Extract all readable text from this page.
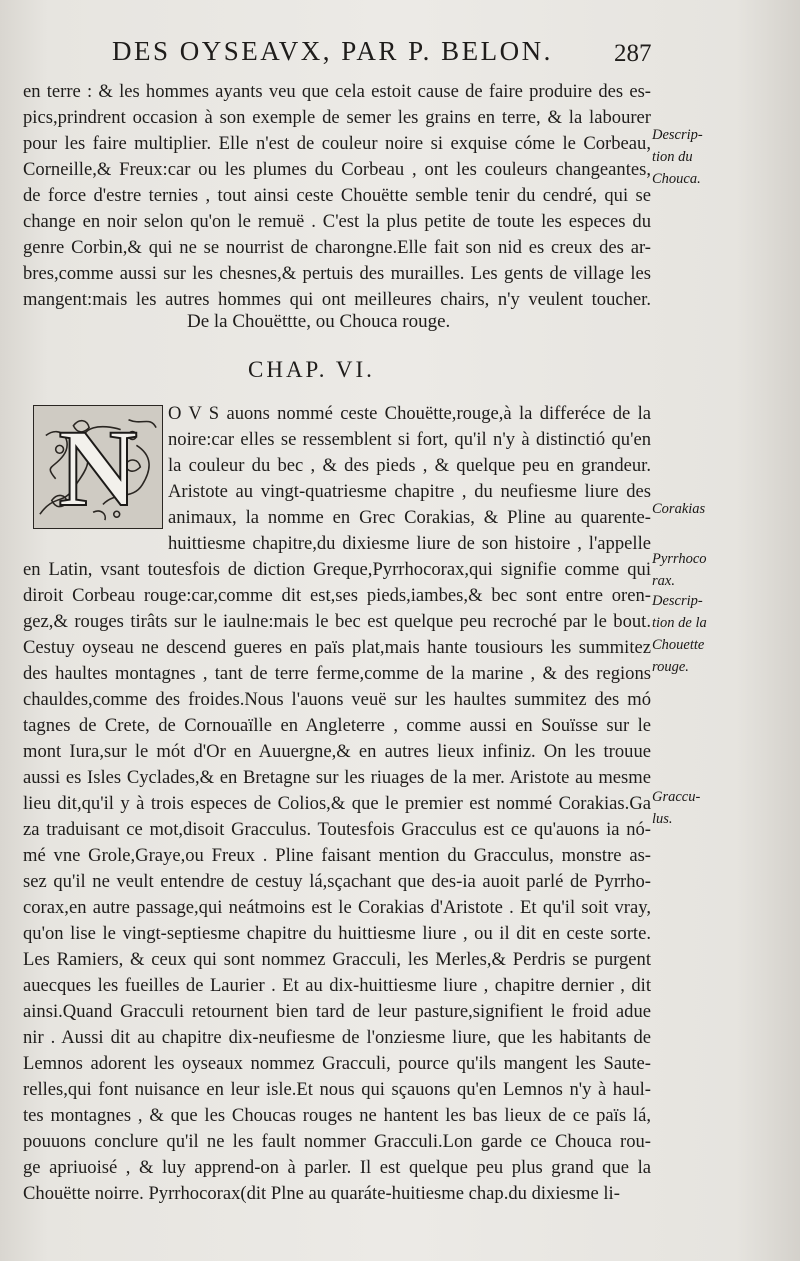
DES OYSEAVX, PAR P. BELON.	287
en terre : & les hommes ayants veu que cela estoit cause de faire produire des es-
pics,prindrent occasion à son exemple de semer les grains en terre, & la labourer
pour les faire multiplier. Elle n'est de couleur noire si exquise cóme le Corbeau,
Corneille,& Freux:car ou les plumes du Corbeau , ont les couleurs changeantes,
de force d'estre ternies , tout ainsi ceste Chouëtte semble tenir du cendré, qui se
change en noir selon qu'on le remuë . C'est la plus petite de toute les especes du
genre Corbin,& qui ne se nourrist de charongne.Elle fait son nid es creux des ar-
bres,comme aussi sur les chesnes,& pertuis des murailles. Les gents de village les
mangent:mais les autres hommes qui ont meilleures chairs, n'y veulent toucher.
De la Chouëttte, ou Chouca rouge.
CHAP. VI.
N	O V S auons nommé ceste Chouëtte,rouge,à la differéce de la
noire:car elles se ressemblent si fort, qu'il n'y à distinctió qu'en
la couleur du bec , & des pieds , & quelque peu en grandeur.
Aristote au vingt-quatriesme chapitre , du neufiesme liure des
animaux, la nomme en Grec Corakias, & Pline au quarente-
huittiesme chapitre,du dixiesme liure de son histoire , l'appelle
en Latin, vsant toutesfois de diction Greque,Pyrrhocorax,qui signifie comme qui
diroit Corbeau rouge:car,comme dit est,ses pieds,iambes,& bec sont entre oren-
gez,& rouges tirâts sur le iaulne:mais le bec est quelque peu recroché par le bout.
Cestuy oyseau ne descend gueres en païs plat,mais hante tousiours les summitez
des haultes montagnes , tant de terre ferme,comme de la marine , & des regions
chauldes,comme des froides.Nous l'auons veuë sur les haultes summitez des mó
tagnes de Crete, de Cornouaïlle en Angleterre , comme aussi en Souïsse sur le
mont Iura,sur le mót d'Or en Auuergne,& en autres lieux infiniz. On les trouue
aussi es Isles Cyclades,& en Bretagne sur les riuages de la mer. Aristote au mesme
lieu dit,qu'il y à trois especes de Colios,& que le premier est nommé Corakias.Ga
za traduisant ce mot,disoit Gracculus. Toutesfois Gracculus est ce qu'auons ia nó-
mé vne Grole,Graye,ou Freux . Pline faisant mention du Gracculus, monstre as-
sez qu'il ne veult entendre de cestuy lá,sçachant que des-ia auoit parlé de Pyrrho-
corax,en autre passage,qui neátmoins est le Corakias d'Aristote . Et qu'il soit vray,
qu'on lise le vingt-septiesme chapitre du huittiesme liure , ou il dit en ceste sorte.
Les Ramiers, & ceux qui sont nommez Gracculi, les Merles,& Perdris se purgent
auecques les fueilles de Laurier . Et au dix-huittiesme liure , chapitre dernier , dit
ainsi.Quand Gracculi retournent bien tard de leur pasture,signifient le froid adue
nir . Aussi dit au chapitre dix-neufiesme de l'onziesme liure, que les habitants de
Lemnos adorent les oyseaux nommez Gracculi, pource qu'ils mangent les Saute-
relles,qui font nuisance en leur isle.Et nous qui sçauons qu'en Lemnos n'y à haul-
tes montagnes , & que les Choucas rouges ne hantent les bas lieux de ce païs lá,
pouuons conclure qu'il ne les fault nommer Gracculi.Lon garde ce Chouca rou-
ge apriuoisé , & luy apprend-on à parler. Il est quelque peu plus grand que la
Chouëtte noirre. Pyrrhocorax(dit Plne au quaráte-huitiesme chap.du dixiesme li-
Descrip-
tion du
Chouca.
Corakias
Pyrrhoco
rax.
Descrip-
tion de la
Chouette
rouge.
Graccu-
lus.
